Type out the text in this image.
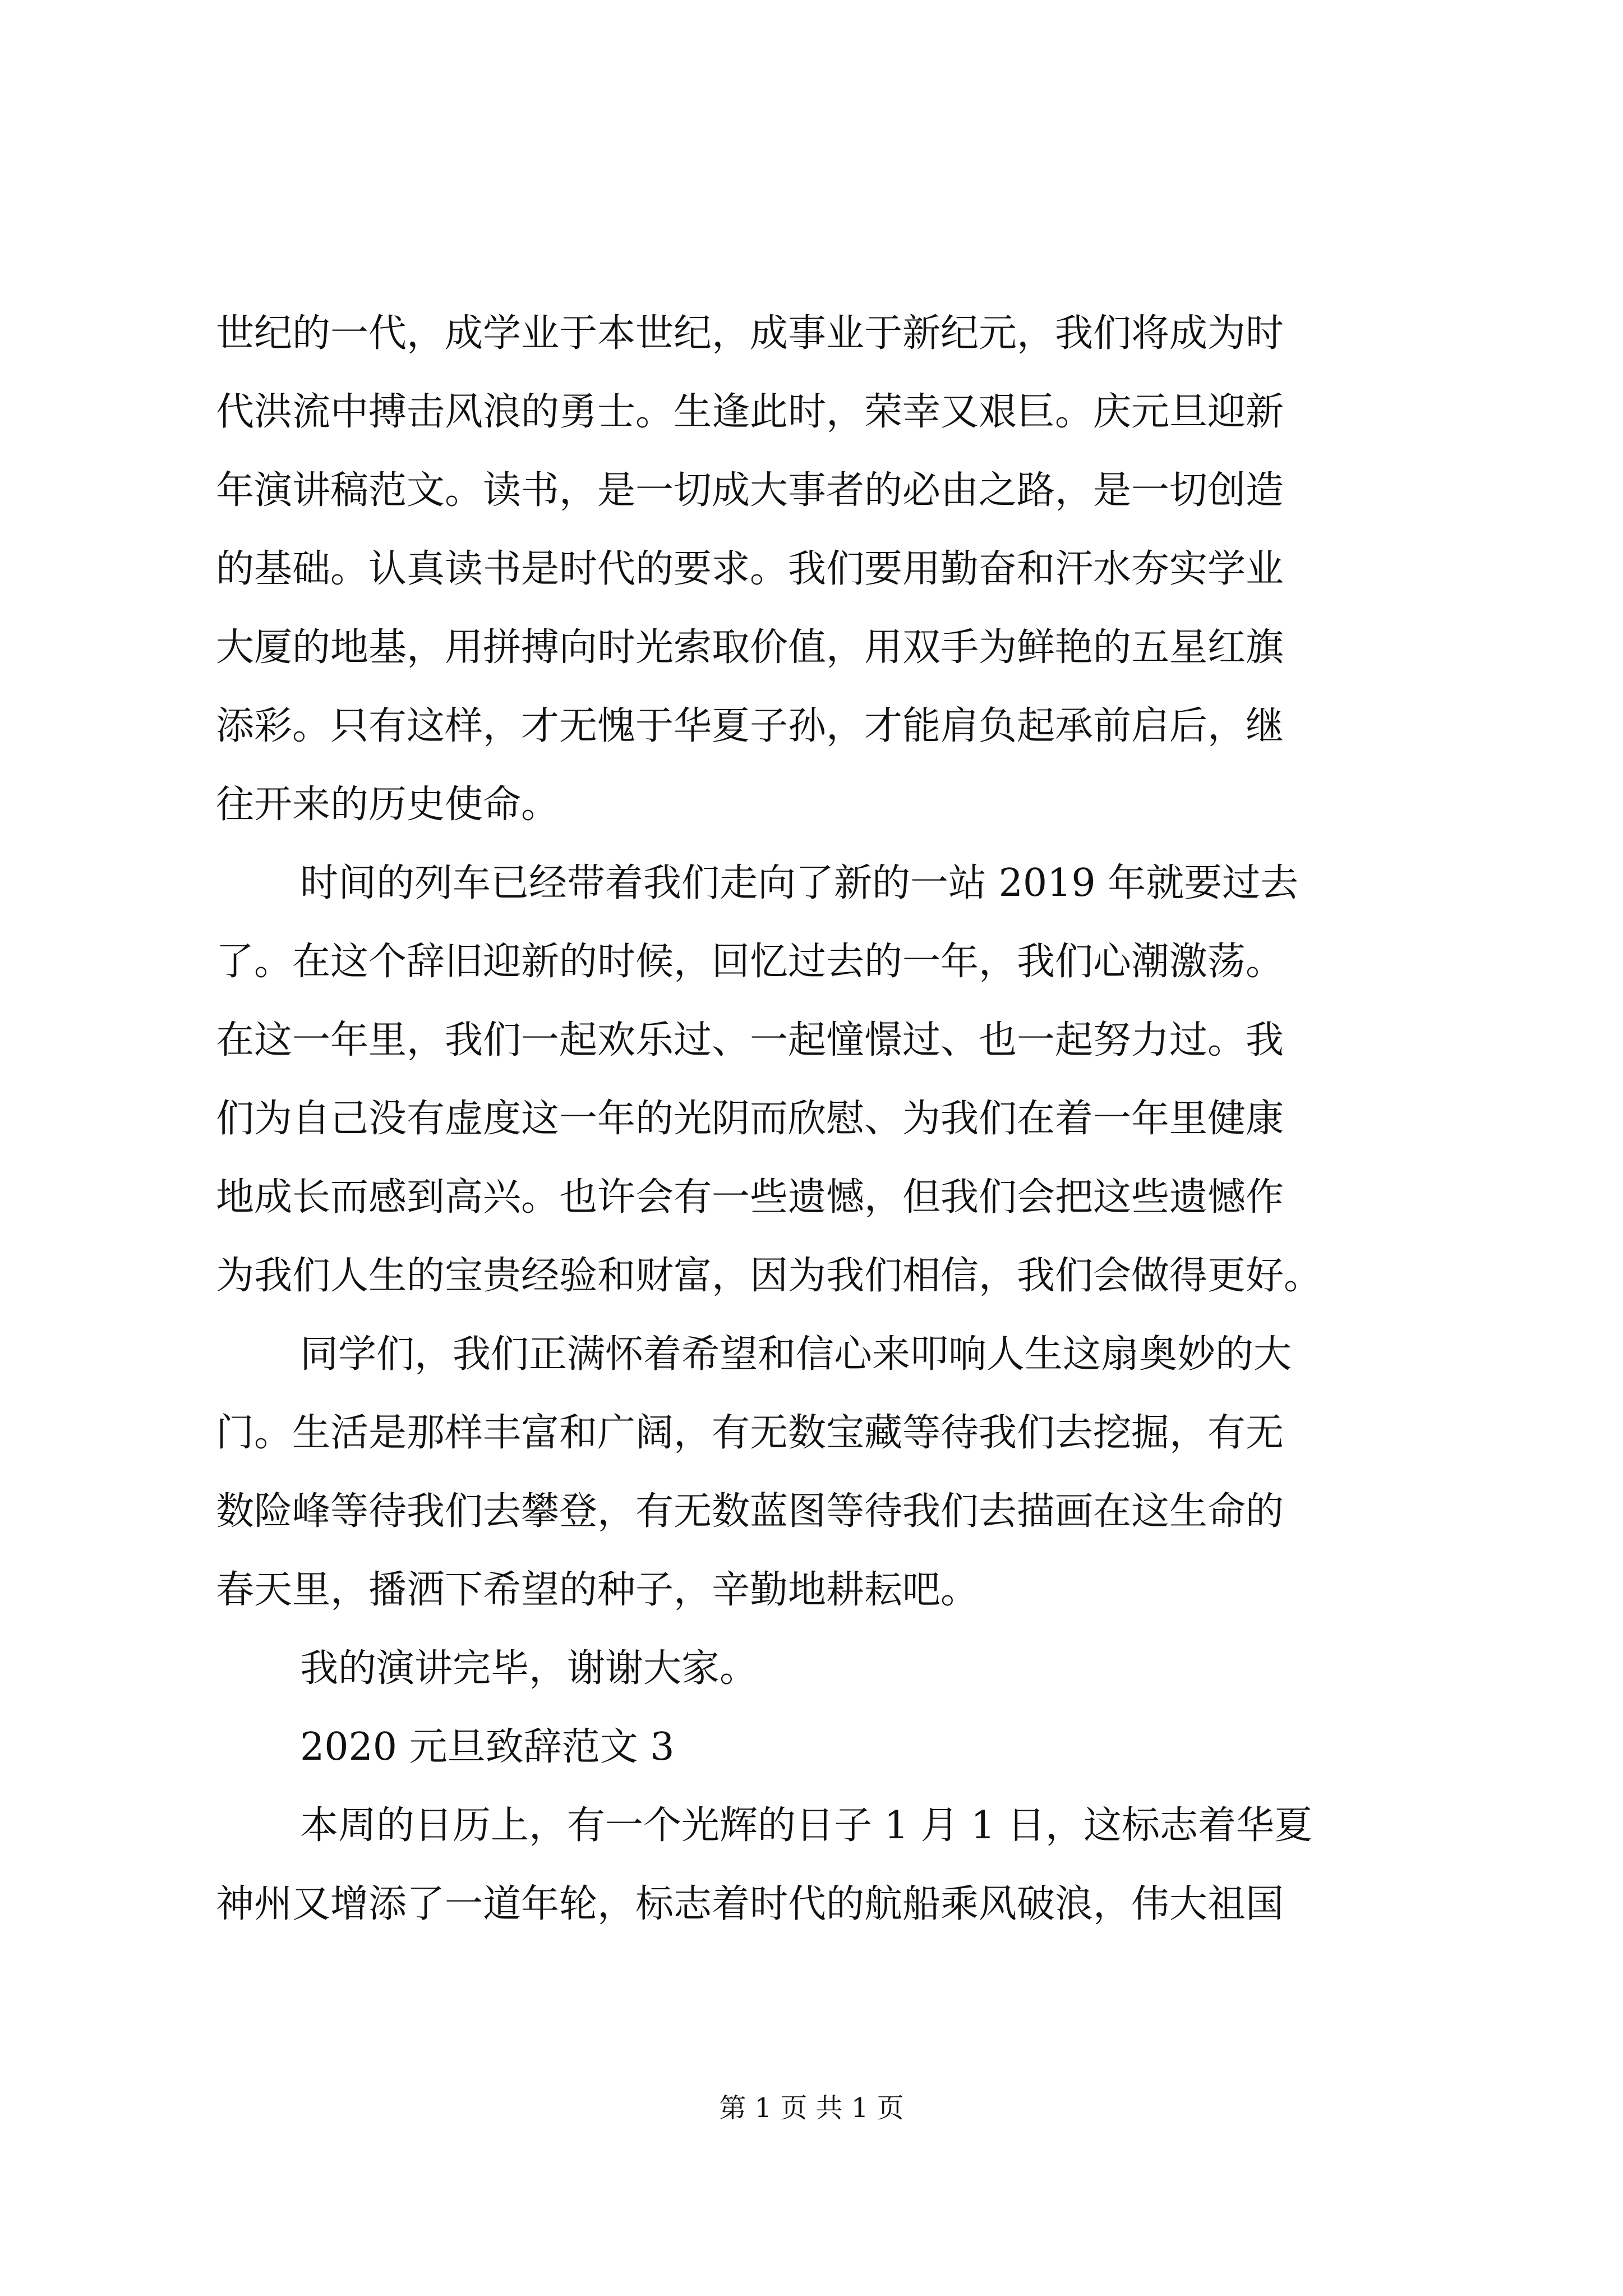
世纪的一代，成学业于本世纪，成事业于新纪元，我们将成为时
代洪流中搏击风浪的勇士。生逢此时，荣幸又艰巨。庆元旦迎新
年演讲稿范文。读书，是一切成大事者的必由之路，是一切创造
的基础。认真读书是时代的要求。我们要用勤奋和汗水夯实学业
大厦的地基，用拼搏向时光索取价值，用双手为鲜艳的五星红旗
添彩。只有这样，才无愧于华夏子孙，才能肩负起承前启后，继
往开来的历史使命。
时间的列车已经带着我们走向了新的一站 2019 年就要过去
了。在这个辞旧迎新的时候，回忆过去的一年，我们心潮激荡。
在这一年里，我们一起欢乐过、一起憧憬过、也一起努力过。我
们为自己没有虚度这一年的光阴而欣慰、为我们在着一年里健康
地成长而感到高兴。也许会有一些遗憾，但我们会把这些遗憾作
为我们人生的宝贵经验和财富，因为我们相信，我们会做得更好。
同学们，我们正满怀着希望和信心来叩响人生这扇奥妙的大
门。生活是那样丰富和广阔，有无数宝藏等待我们去挖掘，有无
数险峰等待我们去攀登，有无数蓝图等待我们去描画在这生命的
春天里，播洒下希望的种子，辛勤地耕耘吧。
我的演讲完毕，谢谢大家。
2020 元旦致辞范文 3
本周的日历上，有一个光辉的日子 1 月 1 日，这标志着华夏
神州又增添了一道年轮，标志着时代的航船乘风破浪，伟大祖国
第 1 页 共 1 页
